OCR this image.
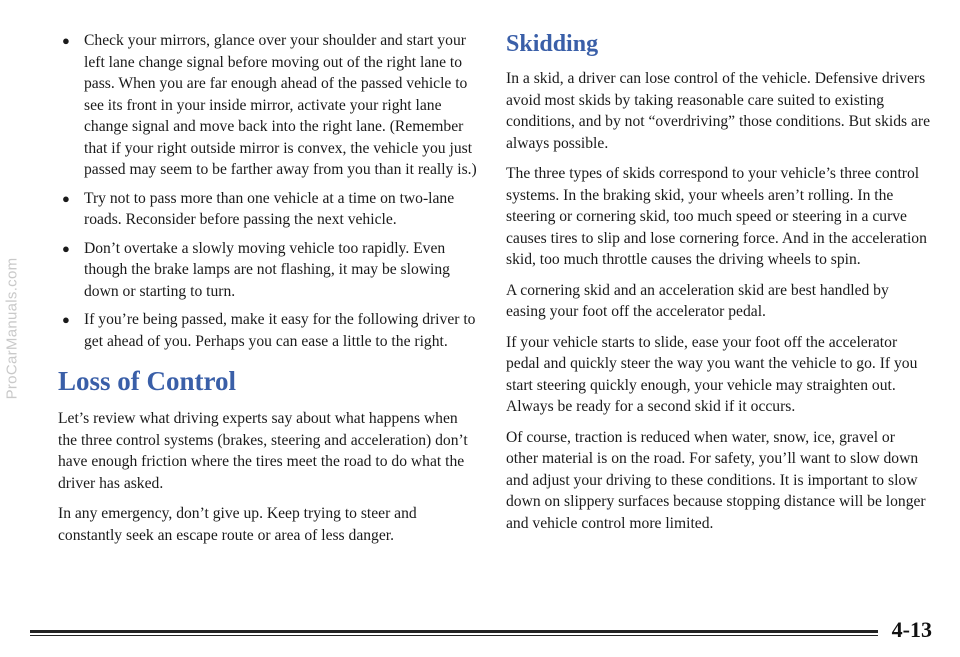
ProCarManuals.com
● Check your mirrors, glance over your shoulder and start your left lane change signal before moving out of the right lane to pass. When you are far enough ahead of the passed vehicle to see its front in your inside mirror, activate your right lane change signal and move back into the right lane. (Remember that if your right outside mirror is convex, the vehicle you just passed may seem to be farther away from you than it really is.)
● Try not to pass more than one vehicle at a time on two-lane roads. Reconsider before passing the next vehicle.
● Don’t overtake a slowly moving vehicle too rapidly. Even though the brake lamps are not flashing, it may be slowing down or starting to turn.
● If you’re being passed, make it easy for the following driver to get ahead of you. Perhaps you can ease a little to the right.
Loss of Control

Let’s review what driving experts say about what happens when the three control systems (brakes, steering and acceleration) don’t have enough friction where the tires meet the road to do what the driver has asked.

In any emergency, don’t give up. Keep trying to steer and constantly seek an escape route or area of less danger.

Skidding

In a skid, a driver can lose control of the vehicle. Defensive drivers avoid most skids by taking reasonable care suited to existing conditions, and by not “overdriving” those conditions. But skids are always possible.

The three types of skids correspond to your vehicle’s three control systems. In the braking skid, your wheels aren’t rolling. In the steering or cornering skid, too much speed or steering in a curve causes tires to slip and lose cornering force. And in the acceleration skid, too much throttle causes the driving wheels to spin.

A cornering skid and an acceleration skid are best handled by easing your foot off the accelerator pedal.

If your vehicle starts to slide, ease your foot off the accelerator pedal and quickly steer the way you want the vehicle to go. If you start steering quickly enough, your vehicle may straighten out. Always be ready for a second skid if it occurs.

Of course, traction is reduced when water, snow, ice, gravel or other material is on the road. For safety, you’ll want to slow down and adjust your driving to these conditions. It is important to slow down on slippery surfaces because stopping distance will be longer and vehicle control more limited.

4-13
